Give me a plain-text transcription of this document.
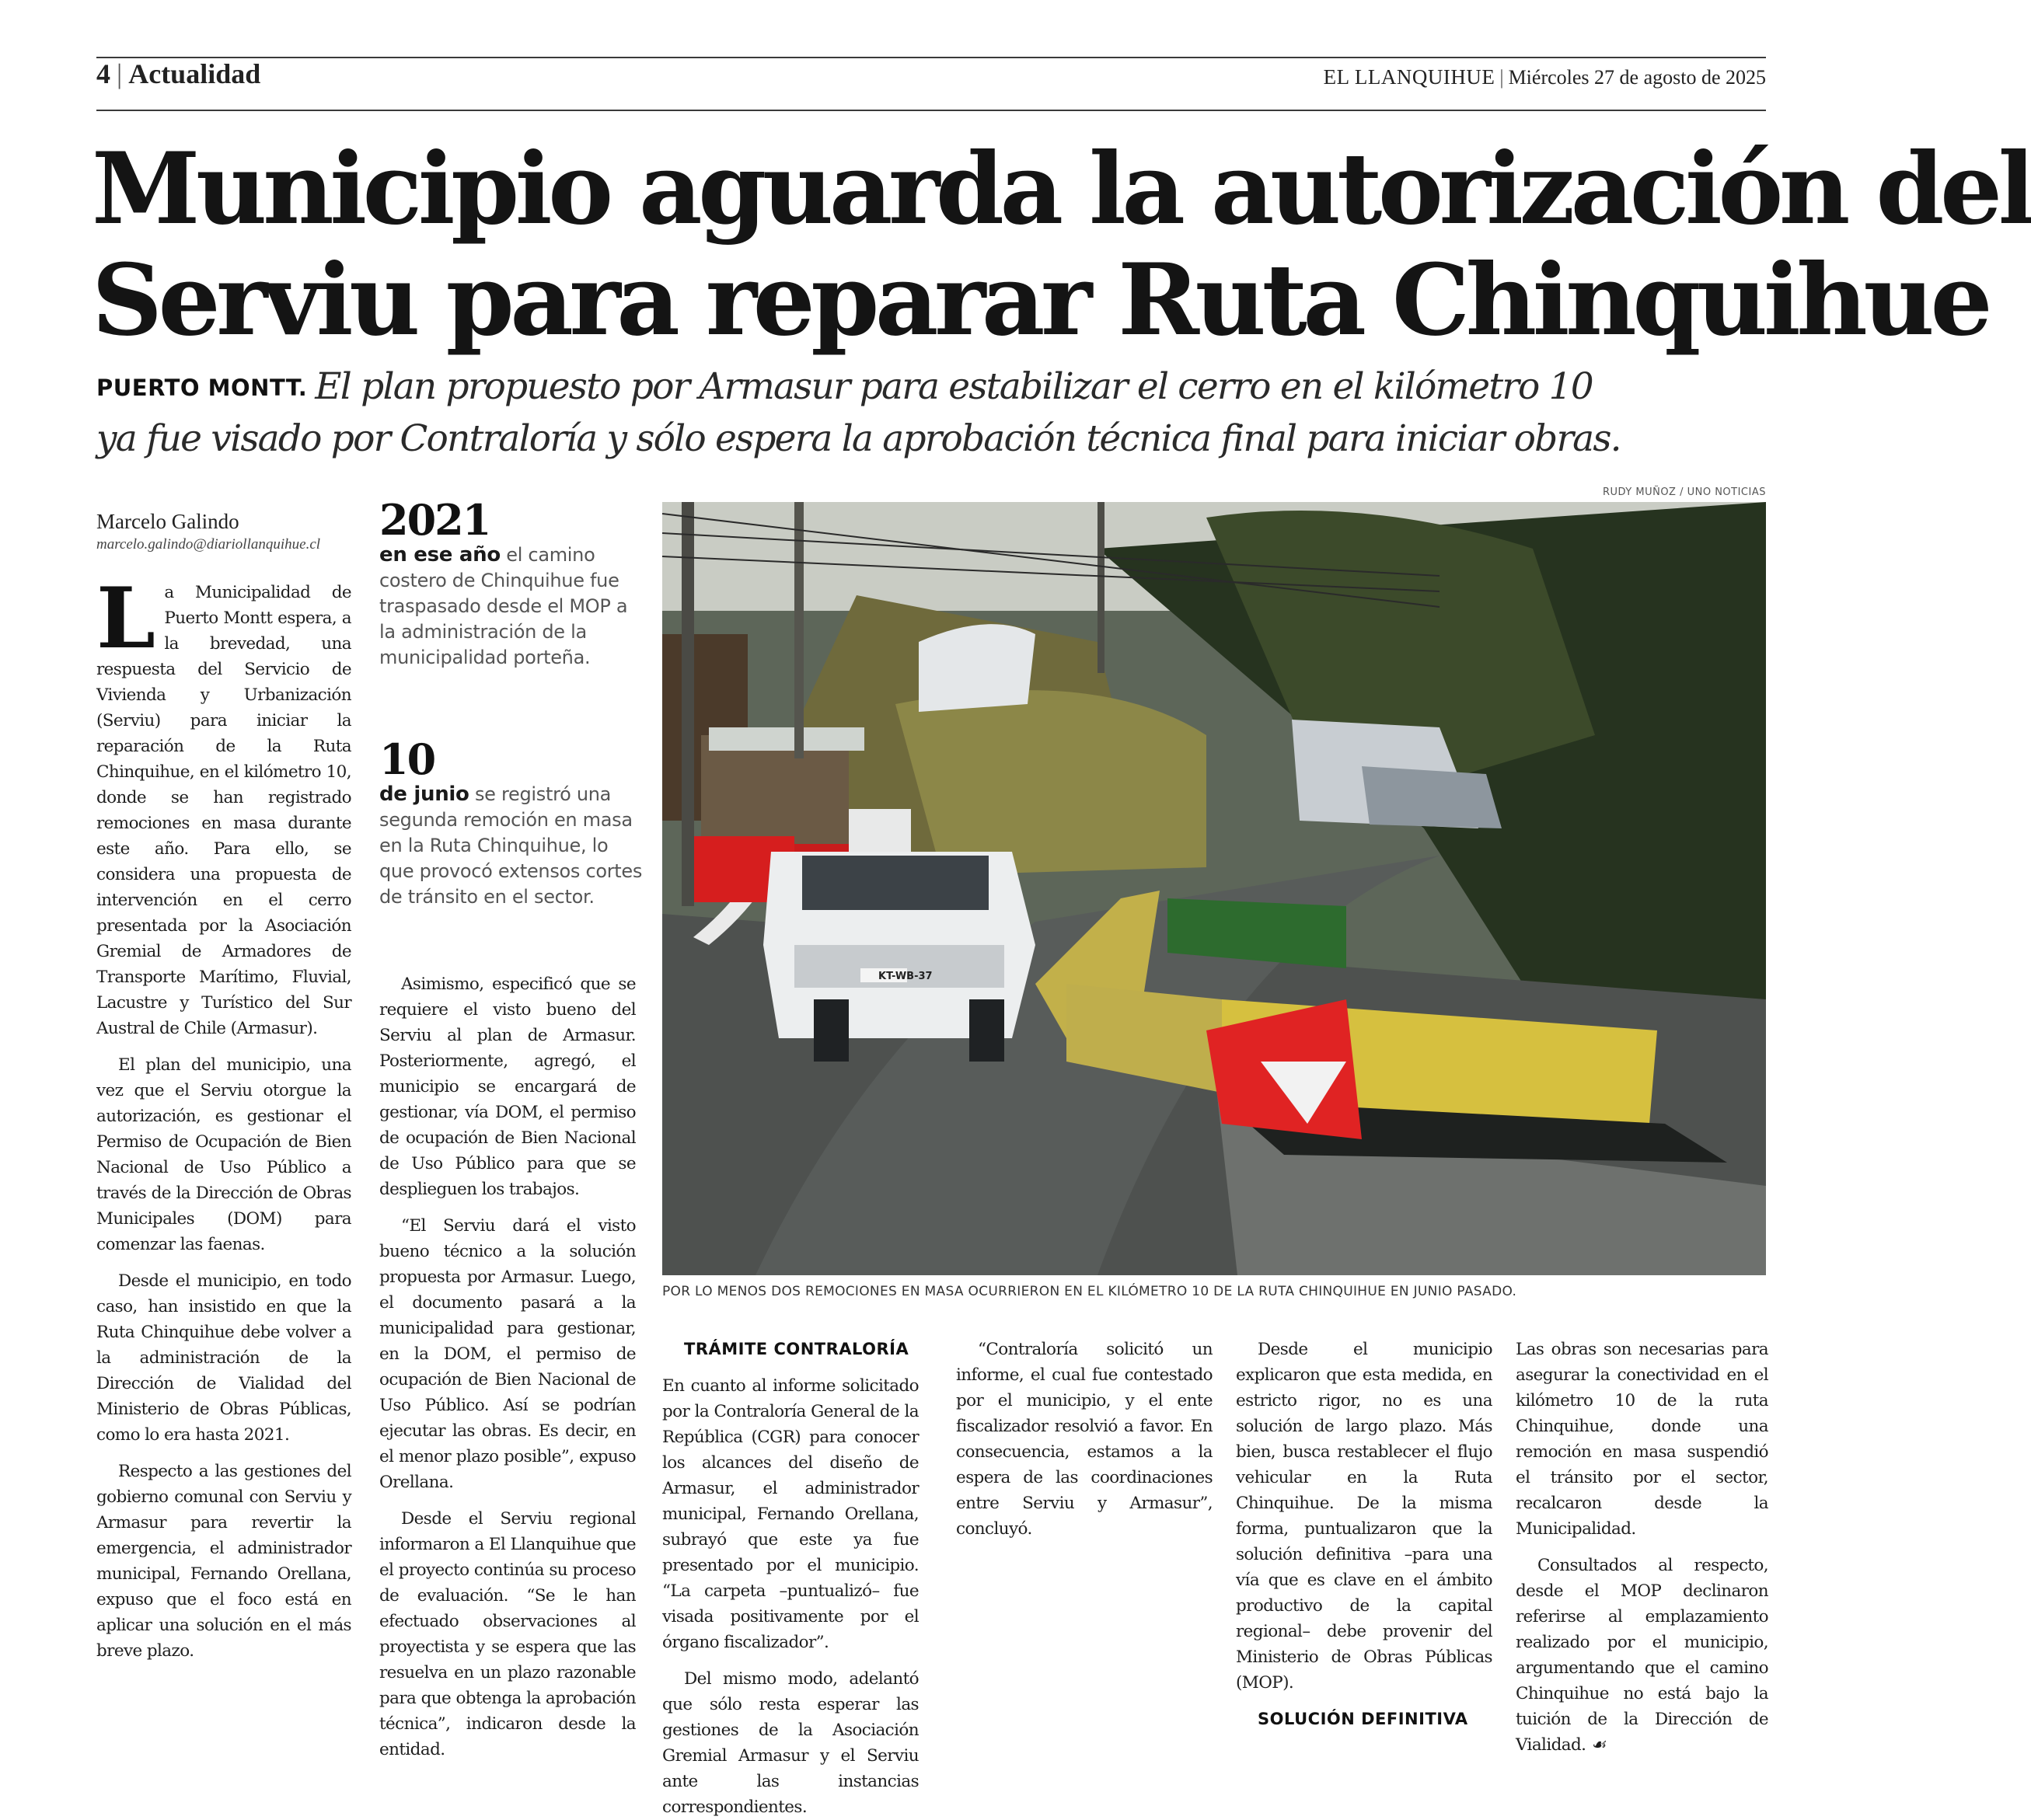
4 | Actualidad	EL LLANQUIHUE | Miércoles 27 de agosto de 2025
Municipio aguarda la autorización del
Serviu para reparar Ruta Chinquihue
PUERTO MONTT. El plan propuesto por Armasur para estabilizar el cerro en el kilómetro 10
ya fue visado por Contraloría y sólo espera la aprobación técnica final para iniciar obras.
Marcelo Galindo
marcelo.galindo@diariollanquihue.cl

La Municipalidad de Puerto Montt espera, a la brevedad, una respuesta del Servicio de Vivienda y Urbanización (Serviu) para iniciar la reparación de la Ruta Chinquihue, en el kilómetro 10, donde se han registrado remociones en masa durante este año. Para ello, se considera una propuesta de intervención en el cerro presentada por la Asociación Gremial de Armadores de Transporte Marítimo, Fluvial, Lacustre y Turístico del Sur Austral de Chile (Armasur).

El plan del municipio, una vez que el Serviu otorgue la autorización, es gestionar el Permiso de Ocupación de Bien Nacional de Uso Público a través de la Dirección de Obras Municipales (DOM) para comenzar las faenas.

Desde el municipio, en todo caso, han insistido en que la Ruta Chinquihue debe volver a la administración de la Dirección de Vialidad del Ministerio de Obras Públicas, como lo era hasta 2021.

Respecto a las gestiones del gobierno comunal con Serviu y Armasur para revertir la emergencia, el administrador municipal, Fernando Orellana, expuso que el foco está en aplicar una solución en el más breve plazo.

2021
en ese año el camino costero de Chinquihue fue traspasado desde el MOP a la administración de la municipalidad porteña.
10
de junio se registró una segunda remoción en masa en la Ruta Chinquihue, lo que provocó extensos cortes de tránsito en el sector.

Asimismo, especificó que se requiere el visto bueno del Serviu al plan de Armasur. Posteriormente, agregó, el municipio se encargará de gestionar, vía DOM, el permiso de ocupación de Bien Nacional de Uso Público para que se desplieguen los trabajos.

“El Serviu dará el visto bueno técnico a la solución propuesta por Armasur. Luego, el documento pasará a la municipalidad para gestionar, en la DOM, el permiso de ocupación de Bien Nacional de Uso Público. Así se podrían ejecutar las obras. Es decir, en el menor plazo posible”, expuso Orellana.

Desde el Serviu regional informaron a El Llanquihue que el proyecto continúa su proceso de evaluación. “Se le han efectuado observaciones al proyectista y se espera que las resuelva en un plazo razonable para que obtenga la aprobación técnica”, indicaron desde la entidad.

RUDY MUÑOZ / UNO NOTICIAS
KT-WB-37
POR LO MENOS DOS REMOCIONES EN MASA OCURRIERON EN EL KILÓMETRO 10 DE LA RUTA CHINQUIHUE EN JUNIO PASADO.

TRÁMITE CONTRALORÍA

En cuanto al informe solicitado por la Contraloría General de la República (CGR) para conocer los alcances del diseño de Armasur, el administrador municipal, Fernando Orellana, subrayó que este ya fue presentado por el municipio. “La carpeta –puntualizó– fue visada positivamente por el órgano fiscalizador”.

Del mismo modo, adelantó que sólo resta esperar las gestiones de la Asociación Gremial Armasur y el Serviu ante las instancias correspondientes.

“Contraloría solicitó un informe, el cual fue contestado por el municipio, y el ente fiscalizador resolvió a favor. En consecuencia, estamos a la espera de las coordinaciones entre Serviu y Armasur”, concluyó.

Desde el municipio explicaron que esta medida, en estricto rigor, no es una solución de largo plazo. Más bien, busca restablecer el flujo vehicular en la Ruta Chinquihue. De la misma forma, puntualizaron que la solución definitiva –para una vía que es clave en el ámbito productivo de la capital regional– debe provenir del Ministerio de Obras Públicas (MOP).

SOLUCIÓN DEFINITIVA

Las obras son necesarias para asegurar la conectividad en el kilómetro 10 de la ruta Chinquihue, donde una remoción en masa suspendió el tránsito por el sector, recalcaron desde la Municipalidad.

Consultados al respecto, desde el MOP declinaron referirse al emplazamiento realizado por el municipio, argumentando que el camino Chinquihue no está bajo la tuición de la Dirección de Vialidad. ☙
